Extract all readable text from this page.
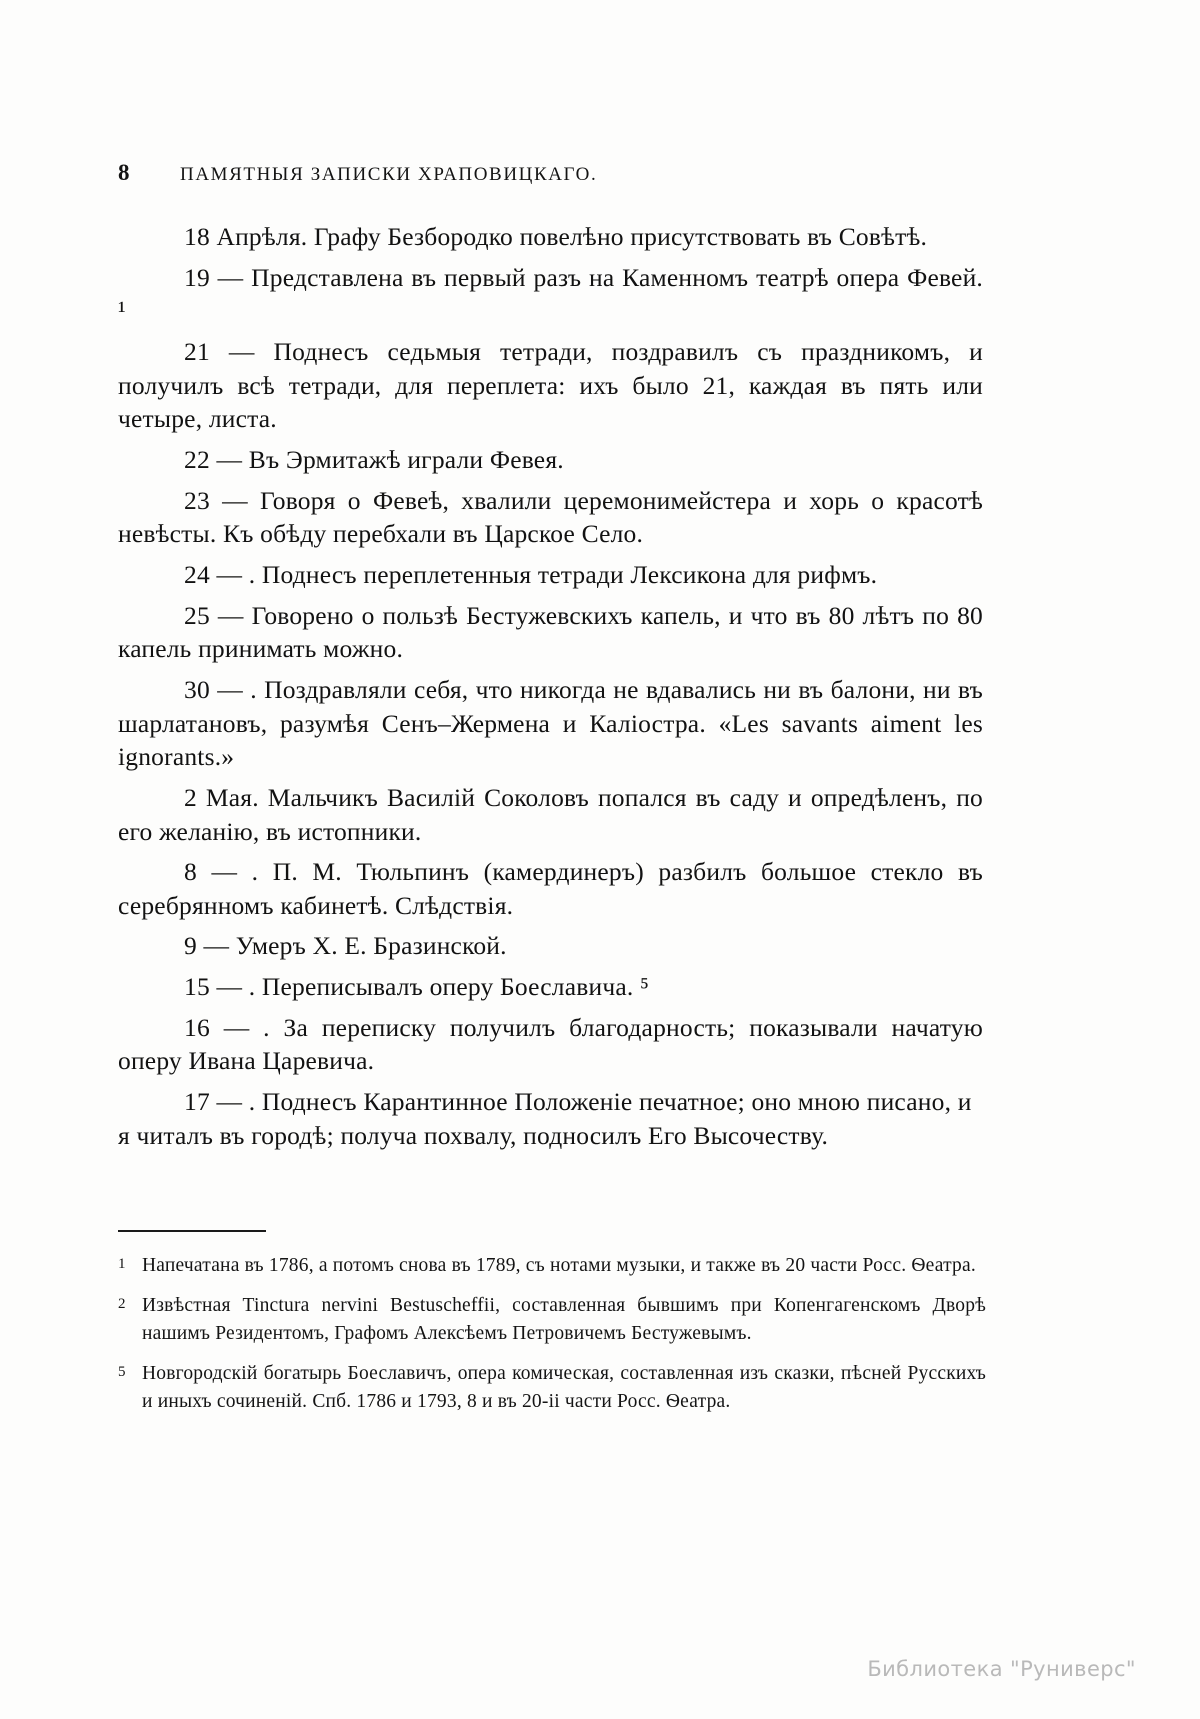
8	ПАМЯТНЫЯ ЗАПИСКИ ХРАПОВИЦКАГО.

18 Апрѣля. Графу Безбородко повелѣно присутствовать въ Совѣтѣ.

19 — Представлена въ первый разъ на Каменномъ театрѣ опера Февей. ¹

21 — Поднесъ седьмыя тетради, поздравилъ съ праздникомъ, и получилъ всѣ тетради, для переплета: ихъ было 21, каждая въ пять или четыре, листа.

22 — Въ Эрмитажѣ играли Февея.

23 — Говоря о Февеѣ, хвалили церемонимейстера и хорь о красотѣ невѣсты. Къ обѣду перебхали въ Царское Село.

24 — . Поднесъ переплетенныя тетради Лексикона для рифмъ.

25 — Говорено о пользѣ Бестужевскихъ капель, и что въ 80 лѣтъ по 80 капель принимать можно.

30 — . Поздравляли себя, что никогда не вдавались ни въ балони, ни въ шарлатановъ, разумѣя Сенъ–Жермена и Каліостра. «Les savants aiment les ignorants.»

2 Мая. Мальчикъ Василій Соколовъ попался въ саду и опредѣленъ, по его желанію, въ истопники.

8 — . П. М. Тюльпинъ (камердинеръ) разбилъ большое стекло въ серебрянномъ кабинетѣ. Слѣдствія.

9 — Умеръ Х. Е. Бразинской.

15 — . Переписывалъ оперу Боеславича. ⁵

16 — . За переписку получилъ благодарность; показывали начатую оперу Ивана Царевича.

17 — . Поднесъ Карантинное Положеніе печатное; оно мною писано, и я читалъ въ городѣ; получа похвалу, подносилъ Его Высочеству.

1 Напечатана въ 1786, а потомъ снова въ 1789, съ нотами музыки, и также въ 20 части Росс. Ѳеатра.
2 Извѣстная Tinctura nervini Bestuscheffii, составленная бывшимъ при Копенгагенскомъ Дворѣ нашимъ Резидентомъ, Графомъ Алексѣемъ Петровичемъ Бестужевымъ.
5 Новгородскій богатырь Боеславичъ, опера комическая, составленная изъ сказки, пѣсней Русскихъ и иныхъ сочиненій. Спб. 1786 и 1793, 8 и въ 20-ii части Росс. Ѳеатра.
Библиотека "Руниверс"
